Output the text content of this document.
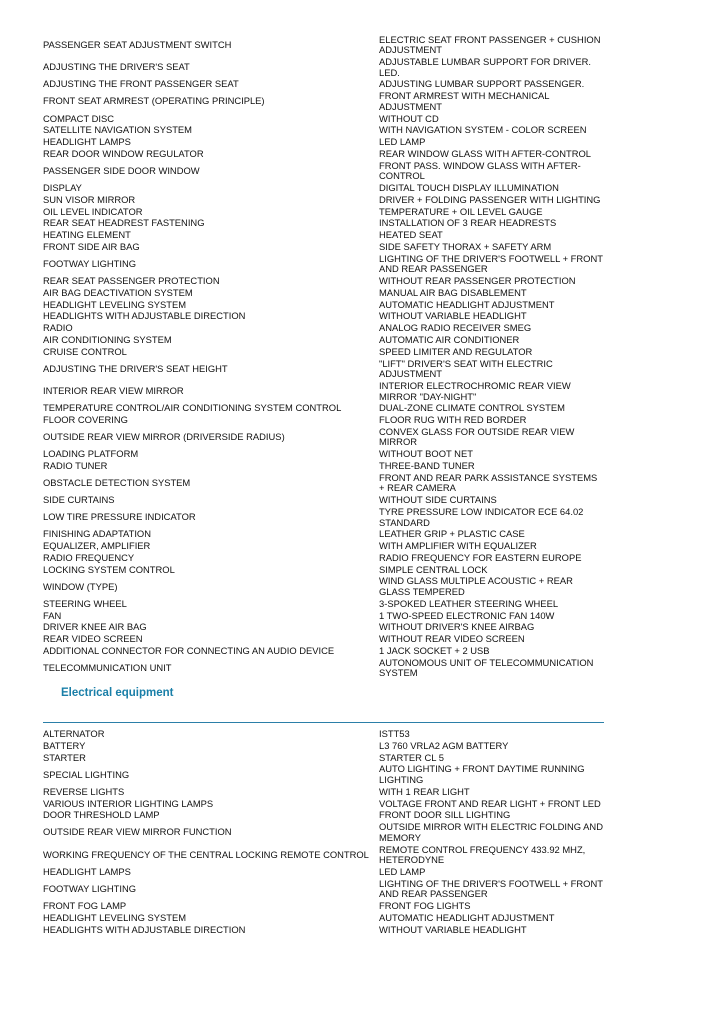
PASSENGER SEAT ADJUSTMENT SWITCH	ELECTRIC SEAT FRONT PASSENGER + CUSHION ADJUSTMENT
ADJUSTING THE DRIVER'S SEAT	ADJUSTABLE LUMBAR SUPPORT FOR DRIVER. LED.
ADJUSTING THE FRONT PASSENGER SEAT	ADJUSTING LUMBAR SUPPORT PASSENGER.
FRONT SEAT ARMREST (OPERATING PRINCIPLE)	FRONT ARMREST WITH MECHANICAL ADJUSTMENT
COMPACT DISC	WITHOUT CD
SATELLITE NAVIGATION SYSTEM	WITH NAVIGATION SYSTEM - COLOR SCREEN
HEADLIGHT LAMPS	LED LAMP
REAR DOOR WINDOW REGULATOR	REAR WINDOW GLASS WITH AFTER-CONTROL
PASSENGER SIDE DOOR WINDOW	FRONT PASS. WINDOW GLASS WITH AFTER-CONTROL
DISPLAY	DIGITAL TOUCH DISPLAY ILLUMINATION
SUN VISOR MIRROR	DRIVER + FOLDING PASSENGER WITH LIGHTING
OIL LEVEL INDICATOR	TEMPERATURE + OIL LEVEL GAUGE
REAR SEAT HEADREST FASTENING	INSTALLATION OF 3 REAR HEADRESTS
HEATING ELEMENT	HEATED SEAT
FRONT SIDE AIR BAG	SIDE SAFETY THORAX + SAFETY ARM
FOOTWAY LIGHTING	LIGHTING OF THE DRIVER'S FOOTWELL + FRONT AND REAR PASSENGER
REAR SEAT PASSENGER PROTECTION	WITHOUT REAR PASSENGER PROTECTION
AIR BAG DEACTIVATION SYSTEM	MANUAL AIR BAG DISABLEMENT
HEADLIGHT LEVELING SYSTEM	AUTOMATIC HEADLIGHT ADJUSTMENT
HEADLIGHTS WITH ADJUSTABLE DIRECTION	WITHOUT VARIABLE HEADLIGHT
RADIO	ANALOG RADIO RECEIVER SMEG
AIR CONDITIONING SYSTEM	AUTOMATIC AIR CONDITIONER
CRUISE CONTROL	SPEED LIMITER AND REGULATOR
ADJUSTING THE DRIVER'S SEAT HEIGHT	"LIFT" DRIVER'S SEAT WITH ELECTRIC ADJUSTMENT
INTERIOR REAR VIEW MIRROR	INTERIOR ELECTROCHROMIC REAR VIEW MIRROR "DAY-NIGHT"
TEMPERATURE CONTROL/AIR CONDITIONING SYSTEM CONTROL	DUAL-ZONE CLIMATE CONTROL SYSTEM
FLOOR COVERING	FLOOR RUG WITH RED BORDER
OUTSIDE REAR VIEW MIRROR (DRIVERSIDE RADIUS)	CONVEX GLASS FOR OUTSIDE REAR VIEW MIRROR
LOADING PLATFORM	WITHOUT BOOT NET
RADIO TUNER	THREE-BAND TUNER
OBSTACLE DETECTION SYSTEM	FRONT AND REAR PARK ASSISTANCE SYSTEMS + REAR CAMERA
SIDE CURTAINS	WITHOUT SIDE CURTAINS
LOW TIRE PRESSURE INDICATOR	TYRE PRESSURE LOW INDICATOR ECE 64.02 STANDARD
FINISHING ADAPTATION	LEATHER GRIP + PLASTIC CASE
EQUALIZER, AMPLIFIER	WITH AMPLIFIER WITH EQUALIZER
RADIO FREQUENCY	RADIO FREQUENCY FOR EASTERN EUROPE
LOCKING SYSTEM CONTROL	SIMPLE CENTRAL LOCK
WINDOW (TYPE)	WIND GLASS MULTIPLE ACOUSTIC + REAR GLASS TEMPERED
STEERING WHEEL	3-SPOKED LEATHER STEERING WHEEL
FAN	1 TWO-SPEED ELECTRONIC FAN 140W
DRIVER KNEE AIR BAG	WITHOUT DRIVER'S KNEE AIRBAG
REAR VIDEO SCREEN	WITHOUT REAR VIDEO SCREEN
ADDITIONAL CONNECTOR FOR CONNECTING AN AUDIO DEVICE	1 JACK SOCKET + 2 USB
TELECOMMUNICATION UNIT	AUTONOMOUS UNIT OF TELECOMMUNICATION SYSTEM
Electrical equipment
ALTERNATOR	ISTT53
BATTERY	L3 760 VRLA2 AGM BATTERY
STARTER	STARTER CL 5
SPECIAL LIGHTING	AUTO LIGHTING + FRONT DAYTIME RUNNING LIGHTING
REVERSE LIGHTS	WITH 1 REAR LIGHT
VARIOUS INTERIOR LIGHTING LAMPS	VOLTAGE FRONT AND REAR LIGHT + FRONT LED
DOOR THRESHOLD LAMP	FRONT DOOR SILL LIGHTING
OUTSIDE REAR VIEW MIRROR FUNCTION	OUTSIDE MIRROR WITH ELECTRIC FOLDING AND MEMORY
WORKING FREQUENCY OF THE CENTRAL LOCKING REMOTE CONTROL	REMOTE CONTROL FREQUENCY 433.92 MHZ, HETERODYNE
HEADLIGHT LAMPS	LED LAMP
FOOTWAY LIGHTING	LIGHTING OF THE DRIVER'S FOOTWELL + FRONT AND REAR PASSENGER
FRONT FOG LAMP	FRONT FOG LIGHTS
HEADLIGHT LEVELING SYSTEM	AUTOMATIC HEADLIGHT ADJUSTMENT
HEADLIGHTS WITH ADJUSTABLE DIRECTION	WITHOUT VARIABLE HEADLIGHT
